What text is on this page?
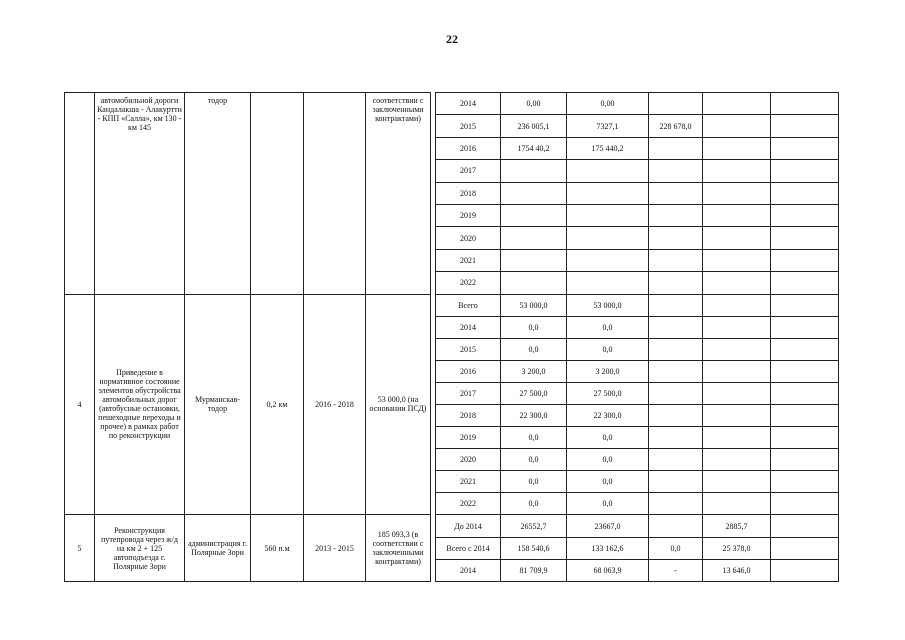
22
	автомобильной дороги Кандалакша - Алакуртти - КПП «Салла», км 130 - км 145	тодор			соответствии с заключенными контрактами)		2014	0,00	0,00			
							2015	236 005,1	7327,1	228 678,0		
							2016	1754 40,2	175 440,2			
							2017					
							2018					
							2019					
							2020					
							2021					
							2022					
4	Приведение в нормативное состояние элементов обустройства автомобильных дорог (автобусные остановки, пешеходные переходы и прочее) в рамках работ по реконструкции	Мурманскав-тодор	0,2 км	2016 - 2018	53 000,0 (на основании ПСД)		Всего	53 000,0	53 000,0			
							2014	0,0	0,0			
							2015	0,0	0,0			
							2016	3 200,0	3 200,0			
							2017	27 500,0	27 500,0			
							2018	22 300,0	22 300,0			
							2019	0,0	0,0			
							2020	0,0	0,0			
							2021	0,0	0,0			
							2022	0,0	0,0			
5	Реконструкция путепровода через ж/д на км 2 + 125 автоподъезда г. Полярные Зори	администрация г. Полярные Зори	560 п.м	2013 - 2015	185 093,3 (в соответствии с заключенными контрактами)		До 2014	26552,7	23667,0		2885,7	
							Всего с 2014	158 540,6	133 162,6	0,0	25 378,0	
							2014	81 709,9	68 063,9	-	13 646,0	
